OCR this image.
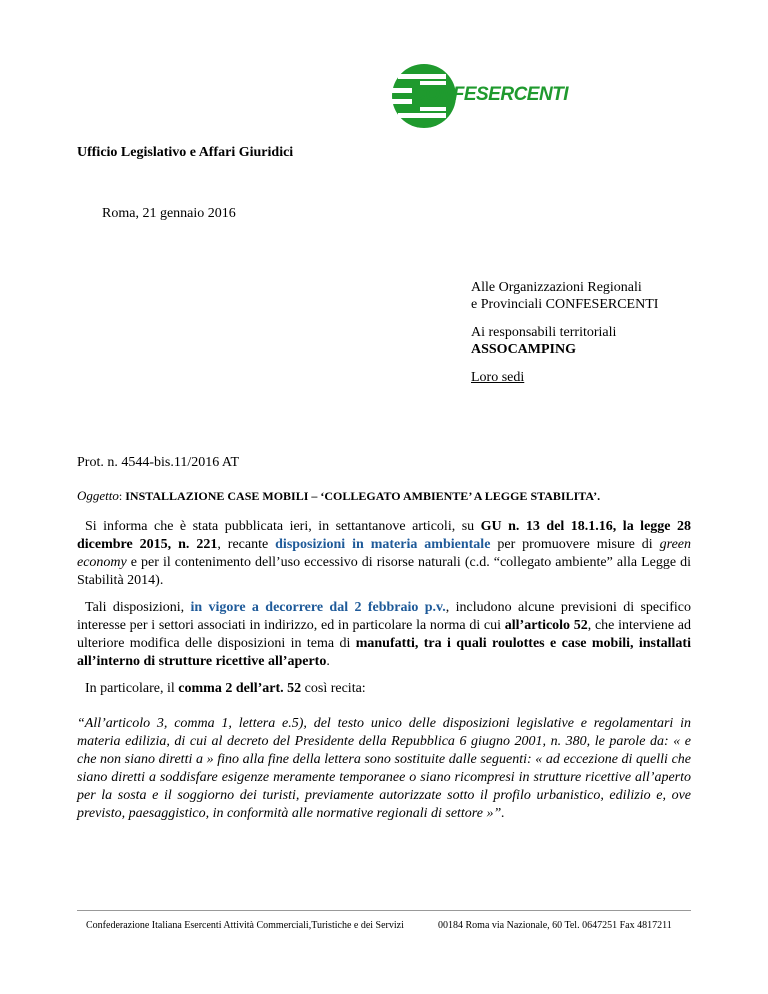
CONFESERCENTI
Ufficio Legislativo e Affari Giuridici
Roma, 21 gennaio 2016
Alle Organizzazioni Regionali
e Provinciali CONFESERCENTI
Ai responsabili territoriali
ASSOCAMPING
Loro sedi
Prot. n. 4544-bis.11/2016 AT
Oggetto: INSTALLAZIONE CASE MOBILI – ‘COLLEGATO AMBIENTE’ A LEGGE STABILITA’.
Si informa che è stata pubblicata ieri, in settantanove articoli, su GU n. 13 del 18.1.16, la legge 28 dicembre 2015, n. 221, recante disposizioni in materia ambientale per promuovere misure di green economy e per il contenimento dell’uso eccessivo di risorse naturali (c.d. “collegato ambiente” alla Legge di Stabilità 2014).
Tali disposizioni, in vigore a decorrere dal 2 febbraio p.v., includono alcune previsioni di specifico interesse per i settori associati in indirizzo, ed in particolare la norma di cui all’articolo 52, che interviene ad ulteriore modifica delle disposizioni in tema di manufatti, tra i quali roulottes e case mobili, installati all’interno di strutture ricettive all’aperto.
In particolare, il comma 2 dell’art. 52 così recita:
“All’articolo 3, comma 1, lettera e.5), del testo unico delle disposizioni legislative e regolamentari in materia edilizia, di cui al decreto del Presidente della Repubblica 6 giugno 2001, n. 380, le parole da: « e che non siano diretti a » fino alla fine della lettera sono sostituite dalle seguenti: « ad eccezione di quelli che siano diretti a soddisfare esigenze meramente temporanee o siano ricompresi in strutture ricettive all’aperto per la sosta e il soggiorno dei turisti, previamente autorizzate sotto il profilo urbanistico, edilizio e, ove previsto, paesaggistico, in conformità alle normative regionali di settore »”.
Confederazione Italiana Esercenti Attività Commerciali,Turistiche e dei Servizi	00184 Roma via Nazionale, 60 Tel. 0647251 Fax 4817211
